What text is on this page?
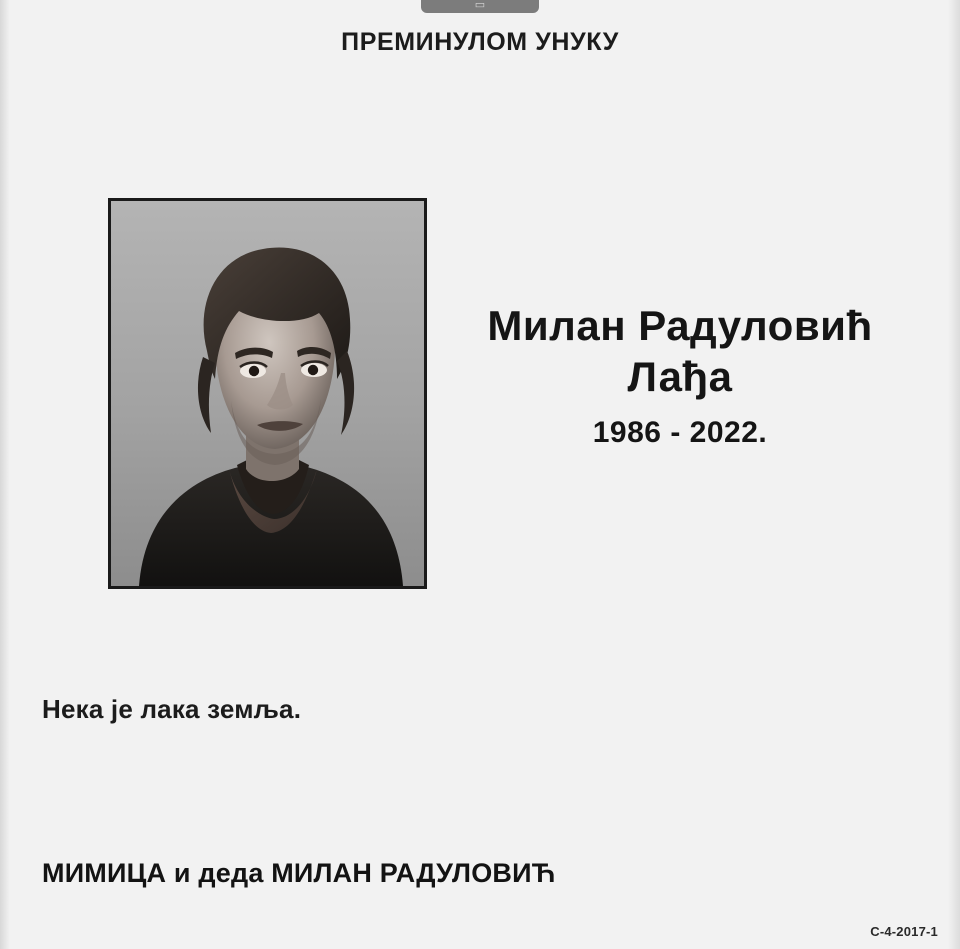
▭
ПРЕМИНУЛОМ УНУКУ
Милан Радуловић
Лађа
1986 - 2022.
Нека је лака земља.
МИМИЦА и деда МИЛАН РАДУЛОВИЋ
C-4-2017-1
